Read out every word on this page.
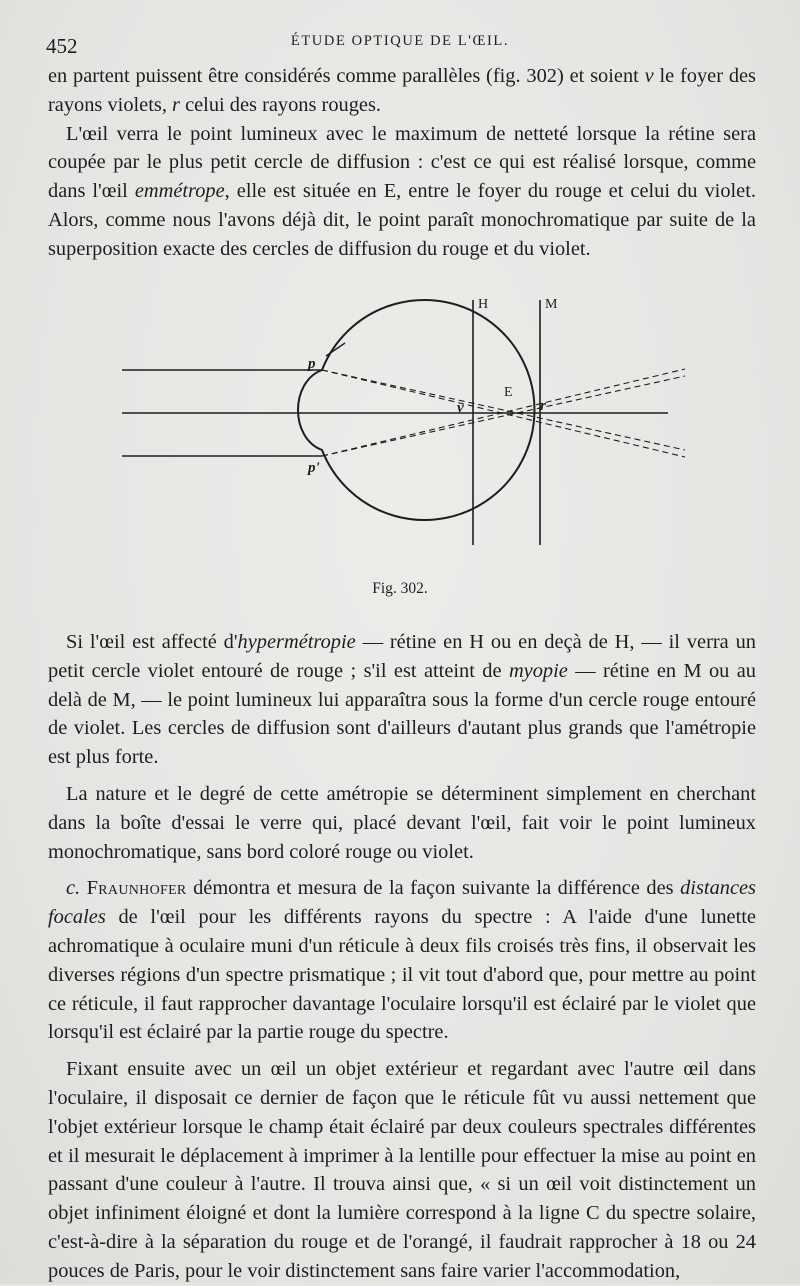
452	ÉTUDE OPTIQUE DE L'ŒIL.

en partent puissent être considérés comme parallèles (fig. 302) et soient v le foyer des rayons violets, r celui des rayons rouges.

L'œil verra le point lumineux avec le maximum de netteté lorsque la rétine sera coupée par le plus petit cercle de diffusion : c'est ce qui est réalisé lorsque, comme dans l'œil emmétrope, elle est située en E, entre le foyer du rouge et celui du violet. Alors, comme nous l'avons déjà dit, le point paraît monochromatique par suite de la superposition exacte des cercles de diffusion du rouge et du violet.

H	M
E
p
p'
v	r
Fig. 302.

Si l'œil est affecté d'hypermétropie — rétine en H ou en deçà de H, — il verra un petit cercle violet entouré de rouge ; s'il est atteint de myopie — rétine en M ou au delà de M, — le point lumineux lui apparaîtra sous la forme d'un cercle rouge entouré de violet. Les cercles de diffusion sont d'ailleurs d'autant plus grands que l'amétropie est plus forte.

La nature et le degré de cette amétropie se déterminent simplement en cherchant dans la boîte d'essai le verre qui, placé devant l'œil, fait voir le point lumineux monochromatique, sans bord coloré rouge ou violet.

c. Fraunhofer démontra et mesura de la façon suivante la différence des distances focales de l'œil pour les différents rayons du spectre : A l'aide d'une lunette achromatique à oculaire muni d'un réticule à deux fils croisés très fins, il observait les diverses régions d'un spectre prismatique ; il vit tout d'abord que, pour mettre au point ce réticule, il faut rapprocher davantage l'oculaire lorsqu'il est éclairé par le violet que lorsqu'il est éclairé par la partie rouge du spectre.

Fixant ensuite avec un œil un objet extérieur et regardant avec l'autre œil dans l'oculaire, il disposait ce dernier de façon que le réticule fût vu aussi nettement que l'objet extérieur lorsque le champ était éclairé par deux couleurs spectrales différentes et il mesurait le déplacement à imprimer à la lentille pour effectuer la mise au point en passant d'une couleur à l'autre. Il trouva ainsi que, « si un œil voit distinctement un objet infiniment éloigné et dont la lumière correspond à la ligne C du spectre solaire, c'est-à-dire à la séparation du rouge et de l'orangé, il faudrait rapprocher à 18 ou 24 pouces de Paris, pour le voir distinctement sans faire varier l'accommodation,
